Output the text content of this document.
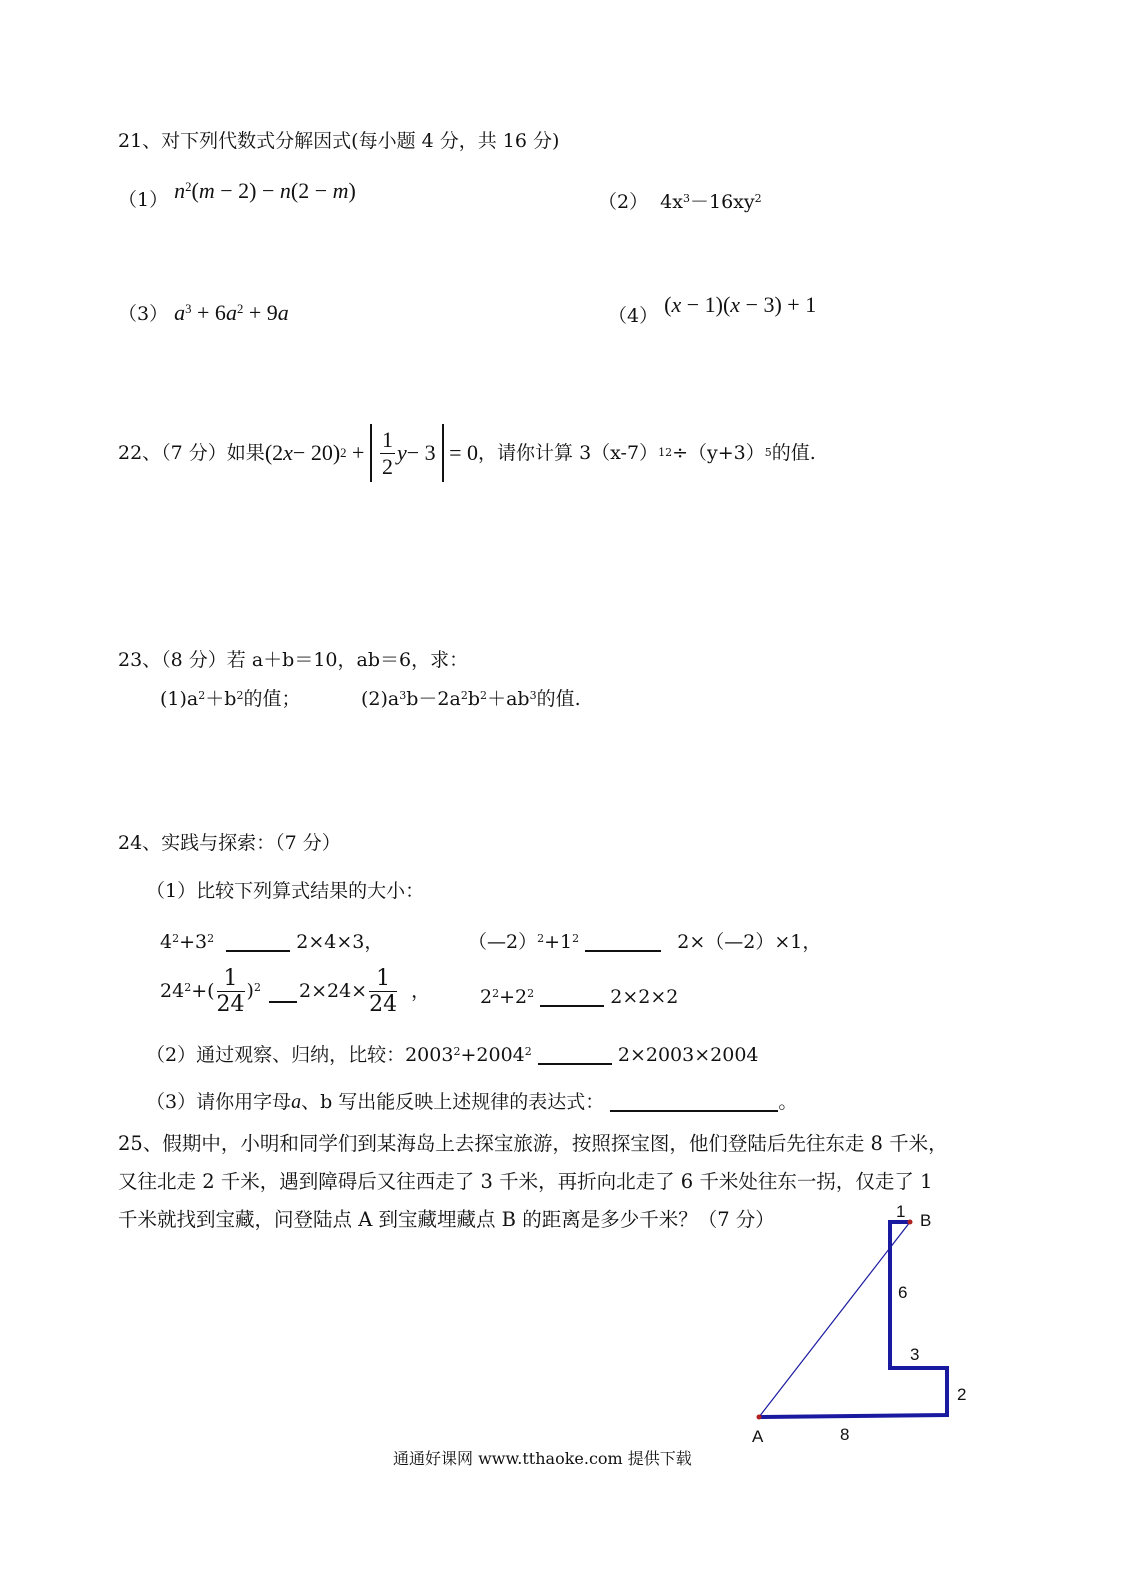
21、对下列代数式分解因式(每小题 4 分，共 16 分)
（1） $n^2(m - 2) - n(2 - m)$	（2）  $4x^3-16xy^2$
（3） $a^3 + 6a^2 + 9a$	（4） (x − 1)(x − 3) + 1
22、（7 分）如果 (2 x − 20) $2 + \frac{1}{2}$ y − 3 = 0 ，请你计算 3（x-7） 12 ÷（y+3） 5 的值.
23、（8 分）若 a＋b＝10，ab＝6，求：
$(1)a^2+b^2$的值；	$(2)a^3b-2a^2b^2+ab^3$的值.
24、实践与探索：（7 分）
（1）比较下列算式结果的大小：
$4^2+3^2$	2×4×3，	$(—2)^2+1^2$	2×（—2）×1，
$24^2+( \frac{1}{24} )^2$ $2\times 24\times \frac{1}{24}$ ，	$2^2+2^2$	2×2×2
（2）通过观察、归纳，比较：$2003^2+2004^2$	2×2003×2004
（3）请你用字母a、b 写出能反映上述规律的表达式：	。
25、假期中，小明和同学们到某海岛上去探宝旅游，按照探宝图，他们登陆后先往东走 8 千米，
又往北走 2 千米，遇到障碍后又往西走了 3 千米，再折向北走了 6 千米处往东一拐，仅走了 1
千米就找到宝藏，问登陆点 A 到宝藏埋藏点 B 的距离是多少千米？（7 分）
A
B
8
2
3
6
1
通通好课网 www.tthaoke.com 提供下载
